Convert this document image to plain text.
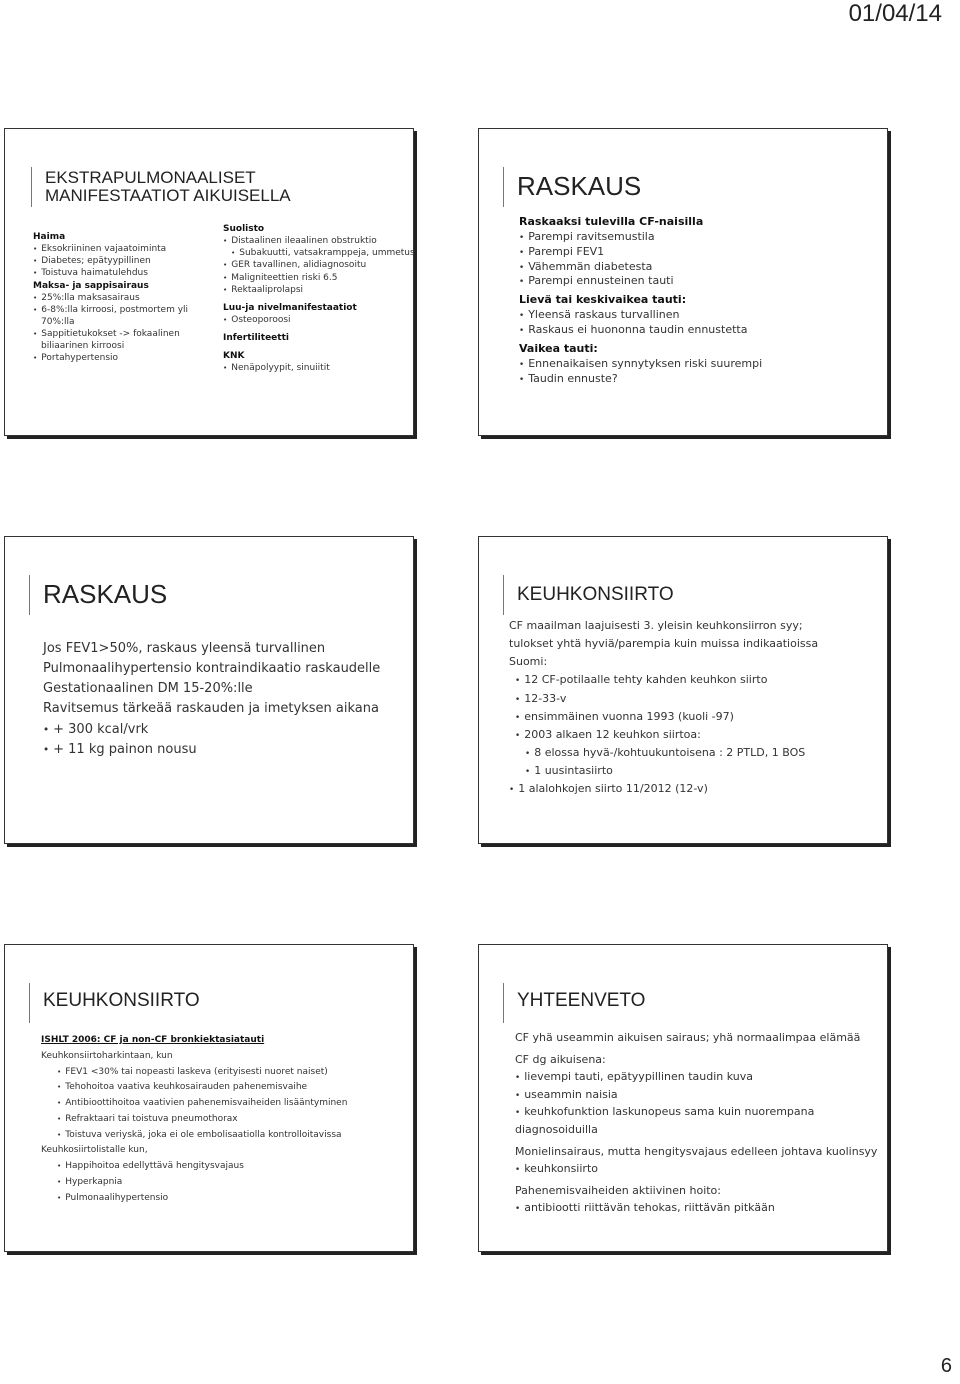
01/04/14
EKSTRAPULMONAALISET MANIFESTAATIOT AIKUISELLA
Haima
• Eksokriininen vajaatoiminta
• Diabetes; epätyypillinen
• Toistuva haimatulehdus
Maksa- ja sappisairaus
• 25%:lla maksasairaus
• 6-8%:lla kirroosi, postmortem yli
70%:lla
• Sappitietukokset -> fokaalinen
biliaarinen kirroosi
• Portahypertensio
Suolisto
• Distaalinen ileaalinen obstruktio
• Subakuutti, vatsakramppeja, ummetus
• GER tavallinen, alidiagnosoitu
• Maligniteettien riski 6.5
• Rektaaliprolapsi
Luu-ja nivelmanifestaatiot
• Osteoporoosi
Infertiliteetti
KNK
• Nenäpolyypit, sinuiitit
RASKAUS
Raskaaksi tulevilla CF-naisilla
• Parempi ravitsemustila
• Parempi FEV1
• Vähemmän diabetesta
• Parempi ennusteinen tauti
Lievä tai keskivaikea tauti:
• Yleensä raskaus turvallinen
• Raskaus ei huononna taudin ennustetta
Vaikea tauti:
• Ennenaikaisen synnytyksen riski suurempi
• Taudin ennuste?
RASKAUS
Jos FEV1>50%, raskaus yleensä turvallinen
Pulmonaalihypertensio kontraindikaatio raskaudelle
Gestationaalinen DM 15-20%:lle
Ravitsemus tärkeää raskauden ja imetyksen aikana
• + 300 kcal/vrk
• + 11 kg painon nousu
KEUHKONSIIRTO
CF maailman laajuisesti 3. yleisin keuhkonsiirron syy;
tulokset yhtä hyviä/parempia kuin muissa indikaatioissa
Suomi:
• 12 CF-potilaalle tehty kahden keuhkon siirto
• 12-33-v
• ensimmäinen vuonna 1993 (kuoli -97)
• 2003 alkaen 12 keuhkon siirtoa:
• 8 elossa hyvä-/kohtuukuntoisena : 2 PTLD, 1 BOS
• 1 uusintasiirto
• 1 alalohkojen siirto 11/2012 (12-v)
KEUHKONSIIRTO
ISHLT 2006: CF ja non-CF bronkiektasiatauti
Keuhkonsiirtoharkintaan, kun
• FEV1 <30% tai nopeasti laskeva (erityisesti nuoret naiset)
• Tehohoitoa vaativa keuhkosairauden pahenemisvaihe
• Antibioottihoitoa vaativien pahenemisvaiheiden lisääntyminen
• Refraktaari tai toistuva pneumothorax
• Toistuva veriyskä, joka ei ole embolisaatiolla kontrolloitavissa
Keuhkosiirtolistalle kun,
• Happihoitoa edellyttävä hengitysvajaus
• Hyperkapnia
• Pulmonaalihypertensio
YHTEENVETO
CF yhä useammin aikuisen sairaus; yhä normaalimpaa elämää
CF dg aikuisena:
• lievempi tauti, epätyypillinen taudin kuva
• useammin naisia
• keuhkofunktion laskunopeus sama kuin nuorempana diagnosoiduilla
Monielinsairaus, mutta hengitysvajaus edelleen johtava kuolinsyy
• keuhkonsiirto
Pahenemisvaiheiden aktiivinen hoito:
• antibiootti riittävän tehokas, riittävän pitkään
6
